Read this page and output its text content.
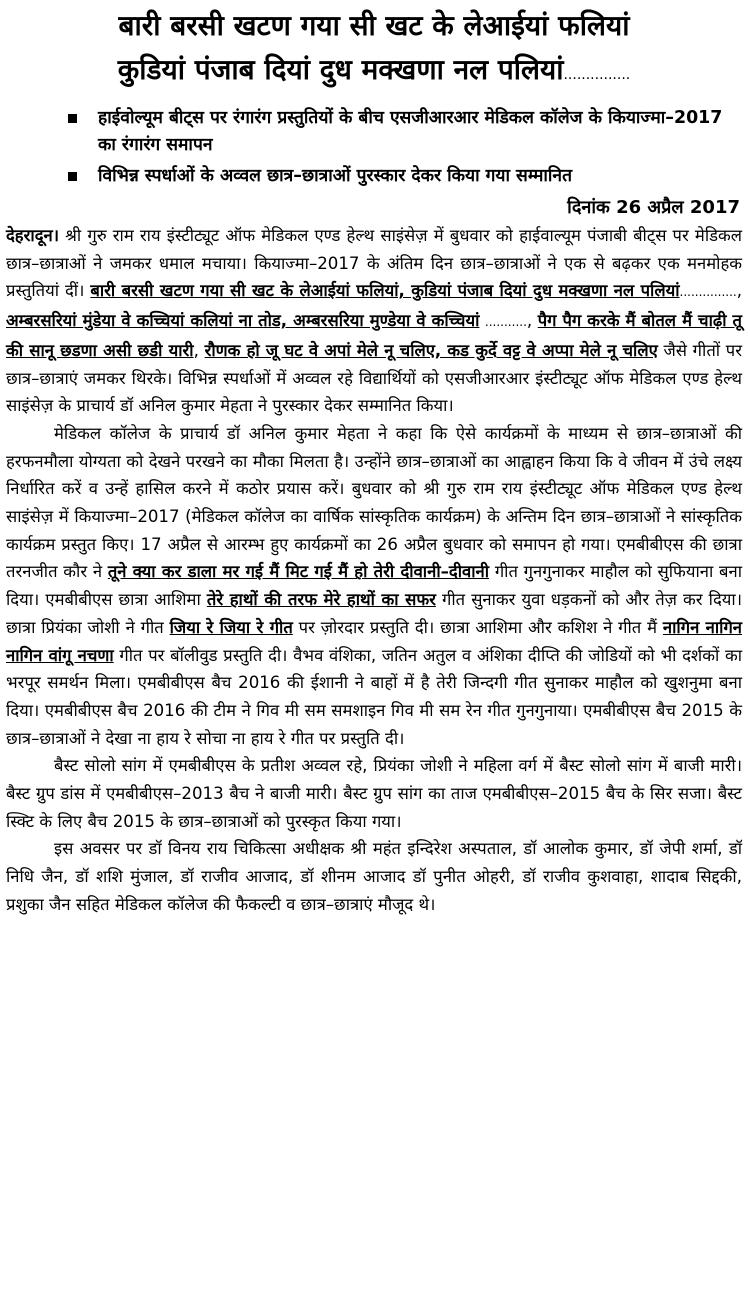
बारी बरसी खटण गया सी खट के लेआईयां फलियां
कुडियां पंजाब दियां दुध मक्खणा नल पलियां...............
हाईवोल्यूम बीट्स पर रंगारंग प्रस्तुतियों के बीच एसजीआरआर मेडिकल कॉलेज के कियाज्मा–2017 का रंगारंग समापन
विभिन्न स्पर्धाओं के अव्वल छात्र–छात्राओं पुरस्कार देकर किया गया सम्मानित
दिनांक 26 अप्रैल 2017

देहरादून। श्री गुरु राम राय इंस्टीट्यूट ऑफ मेडिकल एण्ड हेल्थ साइंसेज़ में बुधवार को हाईवाल्यूम पंजाबी बीट्स पर मेडिकल छात्र–छात्राओं ने जमकर धमाल मचाया। कियाज्मा–2017 के अंतिम दिन छात्र–छात्राओं ने एक से बढ़कर एक मनमोहक प्रस्तुतियां दीं। बारी बरसी खटण गया सी खट के लेआईयां फलियां, कुडियां पंजाब दियां दुध मक्खणा नल पलियां..............., अम्बरसरियां मुंडेया वे कच्चियां कलियां ना तोड, अम्बरसरिया मुण्डेया वे कच्चियां ..........., पैग पैग करके मैं बोतल मैं चाढ़ी तू की सानू छडणा असी छडी यारी, रौणक हो जू घट वे अपां मेले नू चलिए, कड कुर्दे वट्ट वे अप्पा मेले नू चलिए जैसे गीतों पर छात्र–छात्राएं जमकर थिरके। विभिन्न स्पर्धाओं में अव्वल रहे विद्यार्थियों को एसजीआरआर इंस्टीट्यूट ऑफ मेडिकल एण्ड हेल्थ साइंसेज़ के प्राचार्य डॉ अनिल कुमार मेहता ने पुरस्कार देकर सम्मानित किया।

मेडिकल कॉलेज के प्राचार्य डॉ अनिल कुमार मेहता ने कहा कि ऐसे कार्यक्रमों के माध्यम से छात्र–छात्राओं की हरफनमौला योग्यता को देखने परखने का मौका मिलता है। उन्होंने छात्र–छात्राओं का आह्वाहन किया कि वे जीवन में उंचे लक्ष्य निर्धारित करें व उन्हें हासिल करने में कठोर प्रयास करें। बुधवार को श्री गुरु राम राय इंस्टीट्यूट ऑफ मेडिकल एण्ड हेल्थ साइंसेज़ में कियाज्मा–2017 (मेडिकल कॉलेज का वार्षिक सांस्कृतिक कार्यक्रम) के अन्तिम दिन छात्र–छात्राओं ने सांस्कृतिक कार्यक्रम प्रस्तुत किए। 17 अप्रैल से आरम्भ हुए कार्यक्रमों का 26 अप्रैल बुधवार को समापन हो गया। एमबीबीएस की छात्रा तरनजीत कौर ने तूने क्या कर डाला मर गई मैं मिट गई मैं हो तेरी दीवानी–दीवानी गीत गुनगुनाकर माहौल को सुफियाना बना दिया। एमबीबीएस छात्रा आशिमा तेरे हाथों की तरफ मेरे हाथों का सफर गीत सुनाकर युवा धड़कनों को और तेज़ कर दिया। छात्रा प्रियंका जोशी ने गीत जिया रे जिया रे गीत पर ज़ोरदार प्रस्तुति दी। छात्रा आशिमा और कशिश ने गीत मैं नागिन नागिन नागिन वांगू नचणा गीत पर बॉलीवुड प्रस्तुति दी। वैभव वंशिका, जतिन अतुल व अंशिका दीप्ति की जोडियों को भी दर्शकों का भरपूर समर्थन मिला। एमबीबीएस बैच 2016 की ईशानी ने बाहों में है तेरी जिन्दगी गीत सुनाकर माहौल को खुशनुमा बना दिया। एमबीबीएस बैच 2016 की टीम ने गिव मी सम समशाइन गिव मी सम रेन गीत गुनगुनाया। एमबीबीएस बैच 2015 के छात्र–छात्राओं ने देखा ना हाय रे सोचा ना हाय रे गीत पर प्रस्तुति दी।

बैस्ट सोलो सांग में एमबीबीएस के प्रतीश अव्वल रहे, प्रियंका जोशी ने महिला वर्ग में बैस्ट सोलो सांग में बाजी मारी। बैस्ट ग्रुप डांस में एमबीबीएस–2013 बैच ने बाजी मारी। बैस्ट ग्रुप सांग का ताज एमबीबीएस–2015 बैच के सिर सजा। बैस्ट स्क्टि के लिए बैच 2015 के छात्र–छात्राओं को पुरस्कृत किया गया।

इस अवसर पर डॉ विनय राय चिकित्सा अधीक्षक श्री महंत इन्दिरेश अस्पताल, डॉ आलोक कुमार, डॉ जेपी शर्मा, डॉ निधि जैन, डॉ शशि मुंजाल, डॉ राजीव आजाद, डॉ शीनम आजाद डॉ पुनीत ओहरी, डॉ राजीव कुशवाहा, शादाब सिद्दकी, प्रशुका जैन सहित मेडिकल कॉलेज की फैकल्टी व छात्र–छात्राएं मौजूद थे।
